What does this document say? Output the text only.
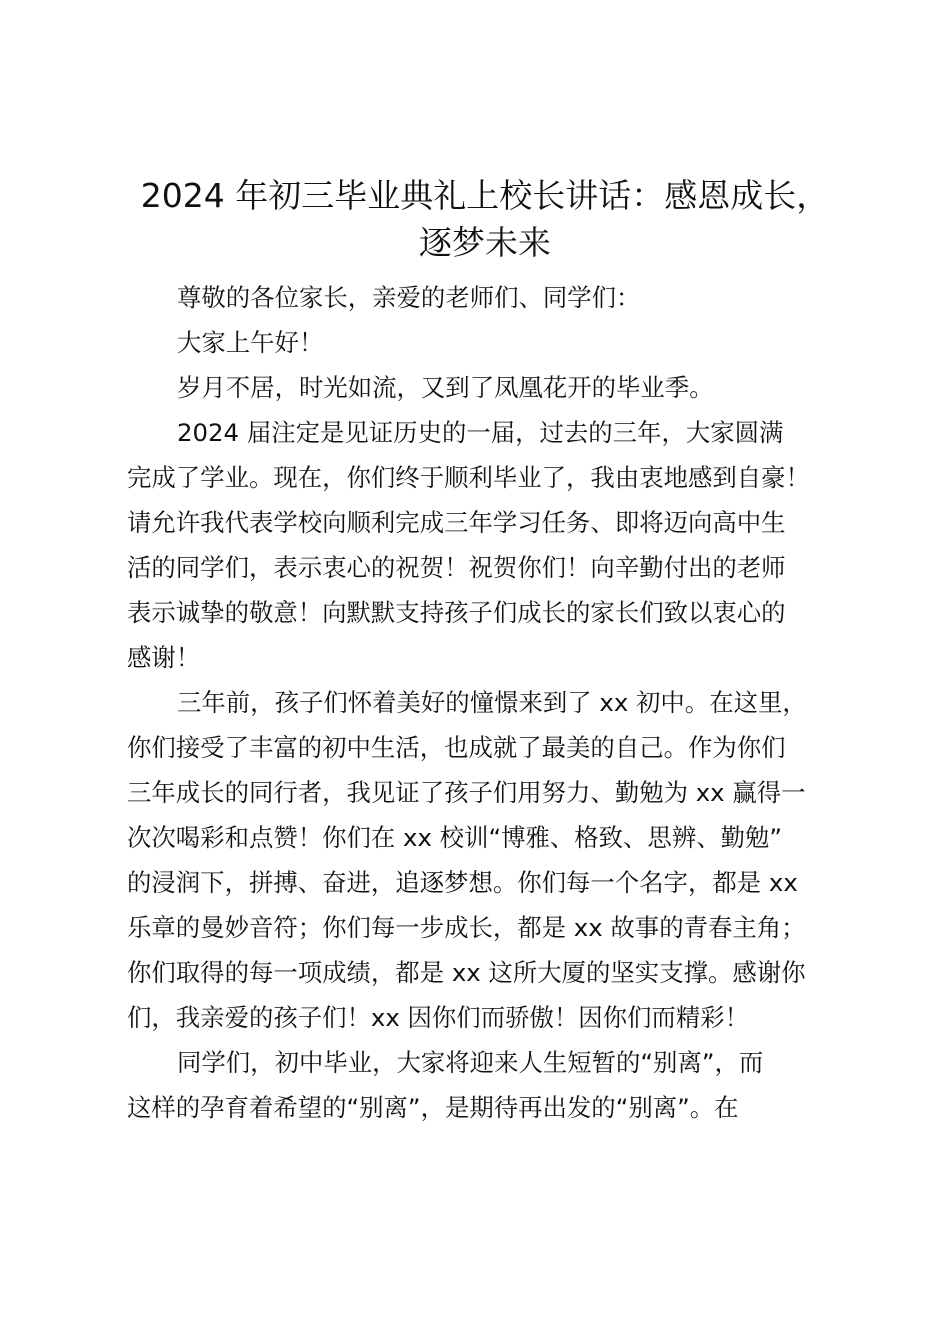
2024 年初三毕业典礼上校长讲话：感恩成长，
逐梦未来

尊敬的各位家长，亲爱的老师们、同学们：

大家上午好！

岁月不居，时光如流，又到了凤凰花开的毕业季。

2024 届注定是见证历史的一届，过去的三年，大家圆满
完成了学业。现在，你们终于顺利毕业了，我由衷地感到自豪！
请允许我代表学校向顺利完成三年学习任务、即将迈向高中生
活的同学们，表示衷心的祝贺！祝贺你们！向辛勤付出的老师
表示诚挚的敬意！向默默支持孩子们成长的家长们致以衷心的
感谢！

三年前，孩子们怀着美好的憧憬来到了 xx 初中。在这里，
你们接受了丰富的初中生活，也成就了最美的自己。作为你们
三年成长的同行者，我见证了孩子们用努力、勤勉为 xx 赢得一
次次喝彩和点赞！你们在 xx 校训“博雅、格致、思辨、勤勉”
的浸润下，拼搏、奋进，追逐梦想。你们每一个名字，都是 xx
乐章的曼妙音符；你们每一步成长，都是 xx 故事的青春主角；
你们取得的每一项成绩，都是 xx 这所大厦的坚实支撑。感谢你
们，我亲爱的孩子们！xx 因你们而骄傲！因你们而精彩！

同学们，初中毕业，大家将迎来人生短暂的“别离”，而
这样的孕育着希望的“别离”，是期待再出发的“别离”。在
